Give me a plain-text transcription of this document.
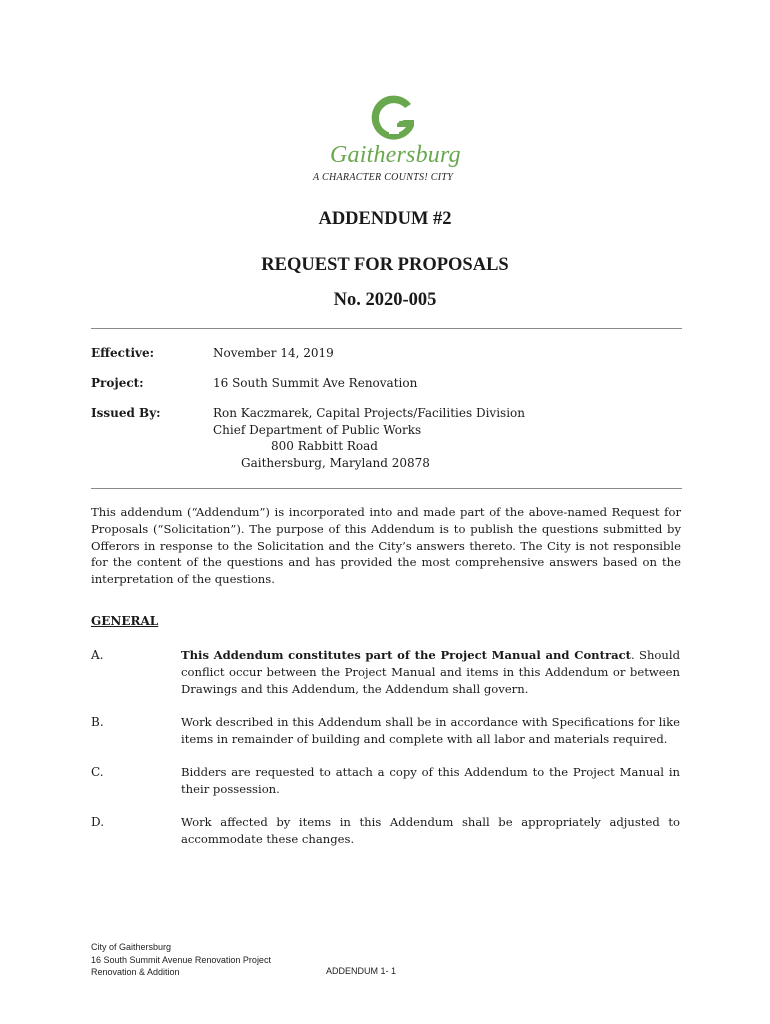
Gaithersburg
A CHARACTER COUNTS! CITY
ADDENDUM #2
REQUEST FOR PROPOSALS
No. 2020-005
Effective:	November 14, 2019
Project:	16 South Summit Ave Renovation
Issued By:	Ron Kaczmarek, Capital Projects/Facilities Division
Chief Department of Public Works
800 Rabbitt Road
Gaithersburg, Maryland 20878
This addendum (“Addendum”) is incorporated into and made part of the above-named Request for Proposals (“Solicitation”). The purpose of this Addendum is to publish the questions submitted by Offerors in response to the Solicitation and the City’s answers thereto. The City is not responsible for the content of the questions and has provided the most comprehensive answers based on the interpretation of the questions.
GENERAL
A.	This Addendum constitutes part of the Project Manual and Contract. Should conflict occur between the Project Manual and items in this Addendum or between Drawings and this Addendum, the Addendum shall govern.
B.	Work described in this Addendum shall be in accordance with Specifications for like items in remainder of building and complete with all labor and materials required.
C.	Bidders are requested to attach a copy of this Addendum to the Project Manual in their possession.
D.	Work affected by items in this Addendum shall be appropriately adjusted to accommodate these changes.
City of Gaithersburg
16 South Summit Avenue Renovation Project
Renovation & Addition	ADDENDUM 1- 1
